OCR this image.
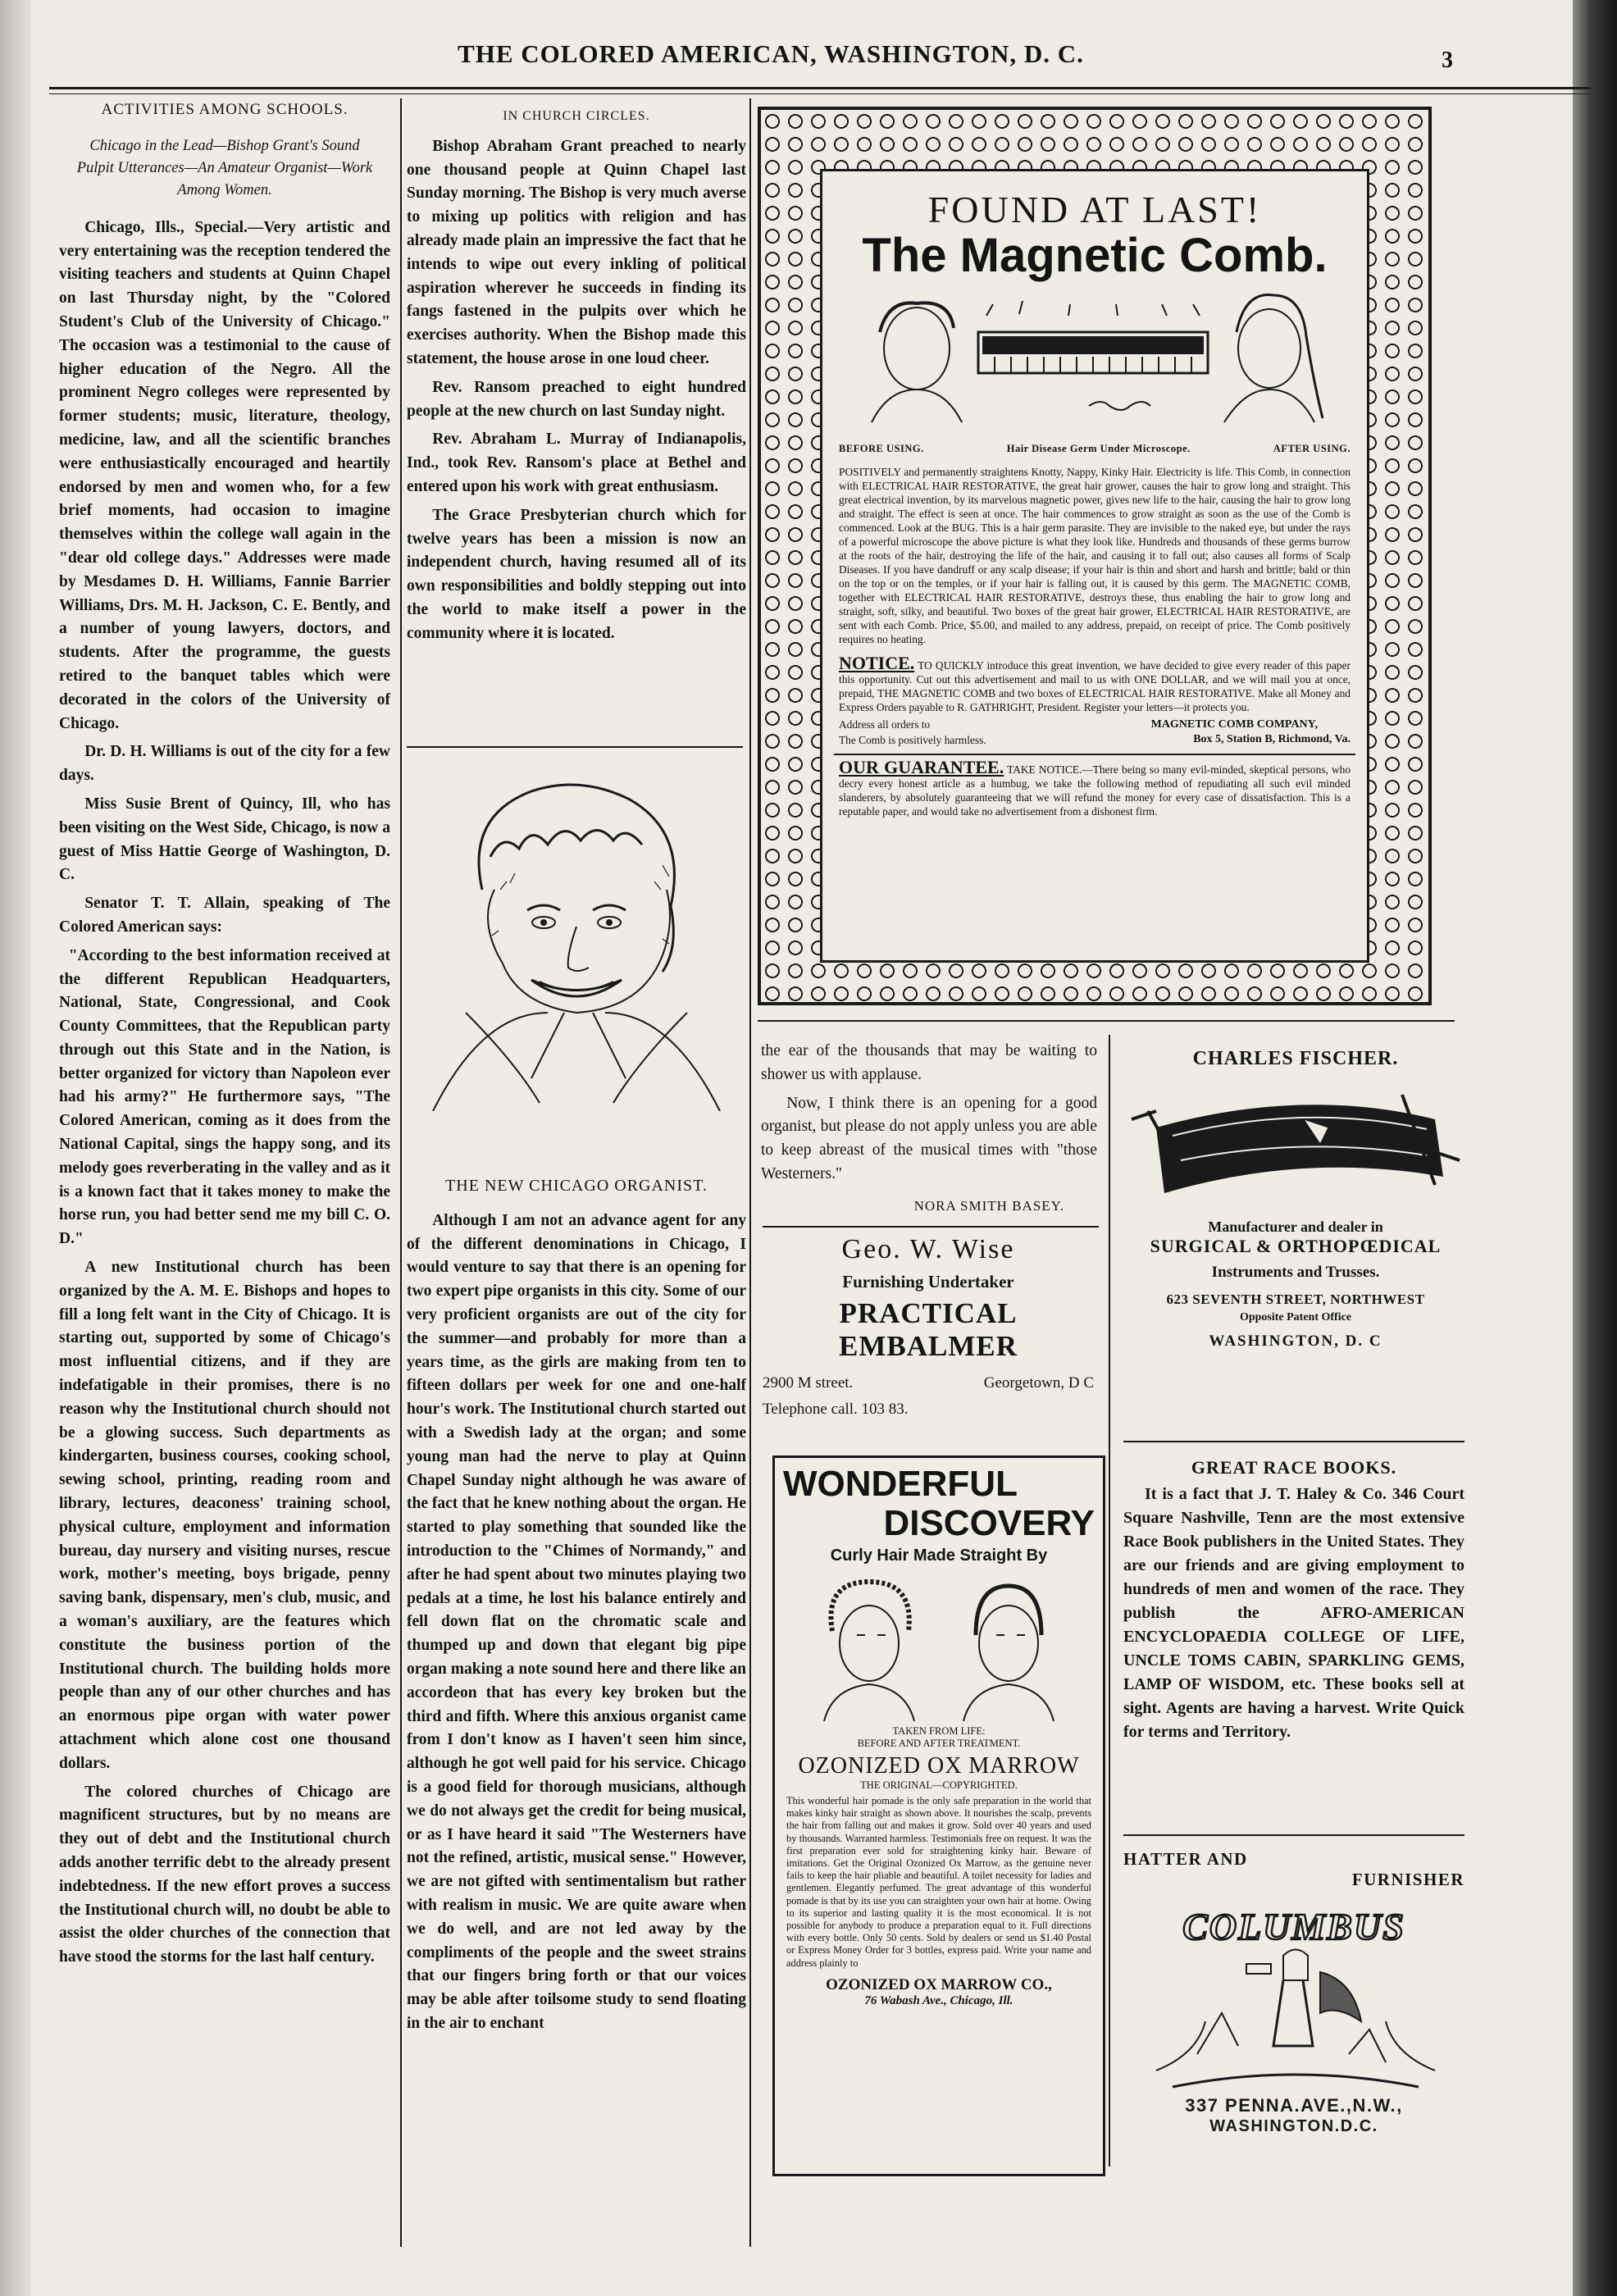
THE COLORED AMERICAN, WASHINGTON, D. C.	3
ACTIVITIES AMONG SCHOOLS.
Chicago in the Lead—Bishop Grant's Sound Pulpit Utterances—An Amateur Organist—Work Among Women.

Chicago, Ills., Special.—Very artistic and very entertaining was the reception tendered the visiting teachers and students at Quinn Chapel on last Thursday night, by the "Colored Student's Club of the University of Chicago." The occasion was a testimonial to the cause of higher education of the Negro. All the prominent Negro colleges were represented by former students; music, literature, theology, medicine, law, and all the scientific branches were enthusiastically encouraged and heartily endorsed by men and women who, for a few brief moments, had occasion to imagine themselves within the college wall again in the "dear old college days." Addresses were made by Mesdames D. H. Williams, Fannie Barrier Williams, Drs. M. H. Jackson, C. E. Bently, and a number of young lawyers, doctors, and students. After the programme, the guests retired to the banquet tables which were decorated in the colors of the University of Chicago.

Dr. D. H. Williams is out of the city for a few days.

Miss Susie Brent of Quincy, Ill, who has been visiting on the West Side, Chicago, is now a guest of Miss Hattie George of Washington, D. C.

Senator T. T. Allain, speaking of The Colored American says:

"According to the best information received at the different Republican Headquarters, National, State, Congressional, and Cook County Committees, that the Republican party through out this State and in the Nation, is better organized for victory than Napoleon ever had his army?" He furthermore says, "The Colored American, coming as it does from the National Capital, sings the happy song, and its melody goes reverberating in the valley and as it is a known fact that it takes money to make the horse run, you had better send me my bill C. O. D."

A new Institutional church has been organized by the A. M. E. Bishops and hopes to fill a long felt want in the City of Chicago. It is starting out, supported by some of Chicago's most influential citizens, and if they are indefatigable in their promises, there is no reason why the Institutional church should not be a glowing success. Such departments as kindergarten, business courses, cooking school, sewing school, printing, reading room and library, lectures, deaconess' training school, physical culture, employment and information bureau, day nursery and visiting nurses, rescue work, mother's meeting, boys brigade, penny saving bank, dispensary, men's club, music, and a woman's auxiliary, are the features which constitute the business portion of the Institutional church. The building holds more people than any of our other churches and has an enormous pipe organ with water power attachment which alone cost one thousand dollars.

The colored churches of Chicago are magnificent structures, but by no means are they out of debt and the Institutional church adds another terrific debt to the already present indebtedness. If the new effort proves a success the Institutional church will, no doubt be able to assist the older churches of the connection that have stood the storms for the last half century.

IN CHURCH CIRCLES.

Bishop Abraham Grant preached to nearly one thousand people at Quinn Chapel last Sunday morning. The Bishop is very much averse to mixing up politics with religion and has already made plain an impressive the fact that he intends to wipe out every inkling of political aspiration wherever he succeeds in finding its fangs fastened in the pulpits over which he exercises authority. When the Bishop made this statement, the house arose in one loud cheer.

Rev. Ransom preached to eight hundred people at the new church on last Sunday night.

Rev. Abraham L. Murray of Indianapolis, Ind., took Rev. Ransom's place at Bethel and entered upon his work with great enthusiasm.

The Grace Presbyterian church which for twelve years has been a mission is now an independent church, having resumed all of its own responsibilities and boldly stepping out into the world to make itself a power in the community where it is located.

THE NEW CHICAGO ORGANIST.

Although I am not an advance agent for any of the different denominations in Chicago, I would venture to say that there is an opening for two expert pipe organists in this city. Some of our very proficient organists are out of the city for the summer—and probably for more than a years time, as the girls are making from ten to fifteen dollars per week for one and one-half hour's work. The Institutional church started out with a Swedish lady at the organ; and some young man had the nerve to play at Quinn Chapel Sunday night although he was aware of the fact that he knew nothing about the organ. He started to play something that sounded like the introduction to the "Chimes of Normandy," and after he had spent about two minutes playing two pedals at a time, he lost his balance entirely and fell down flat on the chromatic scale and thumped up and down that elegant big pipe organ making a note sound here and there like an accordeon that has every key broken but the third and fifth. Where this anxious organist came from I don't know as I haven't seen him since, although he got well paid for his service. Chicago is a good field for thorough musicians, although we do not always get the credit for being musical, or as I have heard it said "The Westerners have not the refined, artistic, musical sense." However, we are not gifted with sentimentalism but rather with realism in music. We are quite aware when we do well, and are not led away by the compliments of the people and the sweet strains that our fingers bring forth or that our voices may be able after toilsome study to send floating in the air to enchant

FOUND AT LAST!
The Magnetic Comb.
BEFORE USING.	Hair Disease Germ Under Microscope.	AFTER USING.
POSITIVELY and permanently straightens Knotty, Nappy, Kinky Hair. Electricity is life. This Comb, in connection with ELECTRICAL HAIR RESTORATIVE, the great hair grower, causes the hair to grow long and straight. This great electrical invention, by its marvelous magnetic power, gives new life to the hair, causing the hair to grow long and straight. The effect is seen at once. The hair commences to grow straight as soon as the use of the Comb is commenced. Look at the BUG. This is a hair germ parasite. They are invisible to the naked eye, but under the rays of a powerful microscope the above picture is what they look like. Hundreds and thousands of these germs burrow at the roots of the hair, destroying the life of the hair, and causing it to fall out; also causes all forms of Scalp Diseases. If you have dandruff or any scalp disease; if your hair is thin and short and harsh and brittle; bald or thin on the top or on the temples, or if your hair is falling out, it is caused by this germ. The MAGNETIC COMB, together with ELECTRICAL HAIR RESTORATIVE, destroys these, thus enabling the hair to grow long and straight, soft, silky, and beautiful. Two boxes of the great hair grower, ELECTRICAL HAIR RESTORATIVE, are sent with each Comb. Price, $5.00, and mailed to any address, prepaid, on receipt of price. The Comb positively requires no heating.
NOTICE. TO QUICKLY introduce this great invention, we have decided to give every reader of this paper this opportunity. Cut out this advertisement and mail to us with ONE DOLLAR, and we will mail you at once, prepaid, THE MAGNETIC COMB and two boxes of ELECTRICAL HAIR RESTORATIVE. Make all Money and Express Orders payable to R. GATHRIGHT, President. Register your letters—it protects you.
Address all orders to	MAGNETIC COMB COMPANY,
The Comb is positively harmless.	Box 5, Station B, Richmond, Va.
OUR GUARANTEE. TAKE NOTICE.—There being so many evil-minded, skeptical persons, who decry every honest article as a humbug, we take the following method of repudiating all such evil minded slanderers, by absolutely guaranteeing that we will refund the money for every case of dissatisfaction. This is a reputable paper, and would take no advertisement from a dishonest firm.

the ear of the thousands that may be waiting to shower us with applause.

Now, I think there is an opening for a good organist, but please do not apply unless you are able to keep abreast of the musical times with "those Westerners."

NORA SMITH BASEY.
Geo. W. Wise
Furnishing Undertaker
PRACTICAL EMBALMER
2900 M street.	Georgetown, D C
Telephone call. 103 83.
WONDERFUL
DISCOVERY
Curly Hair Made Straight By
TAKEN FROM LIFE:
BEFORE AND AFTER TREATMENT.
OZONIZED OX MARROW
THE ORIGINAL—COPYRIGHTED.
This wonderful hair pomade is the only safe preparation in the world that makes kinky hair straight as shown above. It nourishes the scalp, prevents the hair from falling out and makes it grow. Sold over 40 years and used by thousands. Warranted harmless. Testimonials free on request. It was the first preparation ever sold for straightening kinky hair. Beware of imitations. Get the Original Ozonized Ox Marrow, as the genuine never fails to keep the hair pliable and beautiful. A toilet necessity for ladies and gentlemen. Elegantly perfumed. The great advantage of this wonderful pomade is that by its use you can straighten your own hair at home. Owing to its superior and lasting quality it is the most economical. It is not possible for anybody to produce a preparation equal to it. Full directions with every bottle. Only 50 cents. Sold by dealers or send us $1.40 Postal or Express Money Order for 3 bottles, express paid. Write your name and address plainly to
OZONIZED OX MARROW CO.,
76 Wabash Ave., Chicago, Ill.
CHARLES FISCHER.
Manufacturer and dealer in
SURGICAL & ORTHOPŒDICAL
Instruments and Trusses.
623 SEVENTH STREET, NORTHWEST
Opposite Patent Office
WASHINGTON, D. C
GREAT RACE BOOKS.

It is a fact that J. T. Haley & Co. 346 Court Square Nashville, Tenn are the most extensive Race Book publishers in the United States. They are our friends and are giving employment to hundreds of men and women of the race. They publish the AFRO-AMERICAN ENCYCLOPAEDIA COLLEGE OF LIFE, UNCLE TOMS CABIN, SPARKLING GEMS, LAMP OF WISDOM, etc. These books sell at sight. Agents are having a harvest. Write Quick for terms and Territory.

HATTER AND
FURNISHER
COLUMBUS
337 PENNA.AVE.,N.W.,
WASHINGTON.D.C.
